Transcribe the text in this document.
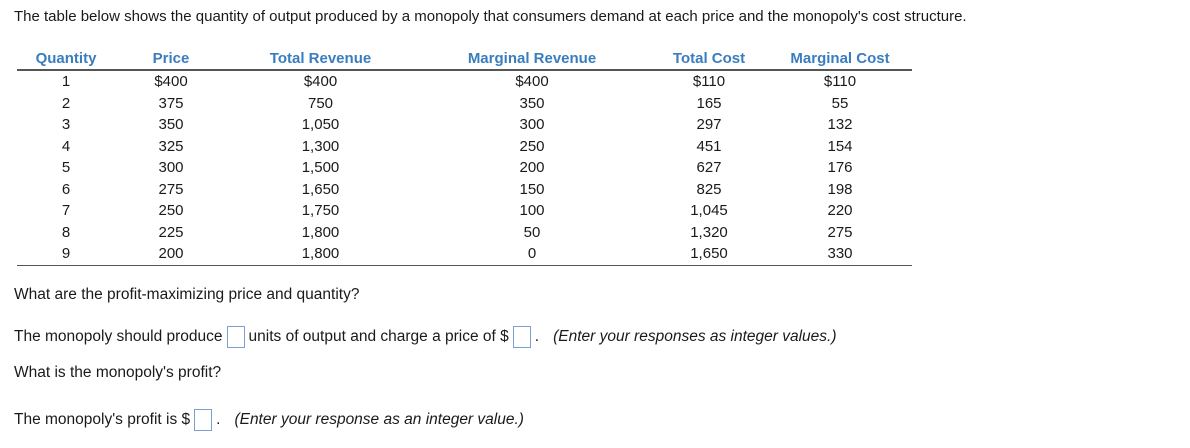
The table below shows the quantity of output produced by a monopoly that consumers demand at each price and the monopoly's cost structure.
Quantity	Price	Total Revenue	Marginal Revenue	Total Cost	Marginal Cost
1	$400	$400	$400	$110	$110
2	375	750	350	165	55
3	350	1,050	300	297	132
4	325	1,300	250	451	154
5	300	1,500	200	627	176
6	275	1,650	150	825	198
7	250	1,750	100	1,045	220
8	225	1,800	50	1,320	275
9	200	1,800	0	1,650	330
What are the profit-maximizing price and quantity?
The monopoly should produce units of output and charge a price of $ . (Enter your responses as integer values.)
What is the monopoly's profit?
The monopoly's profit is $ . (Enter your response as an integer value.)
